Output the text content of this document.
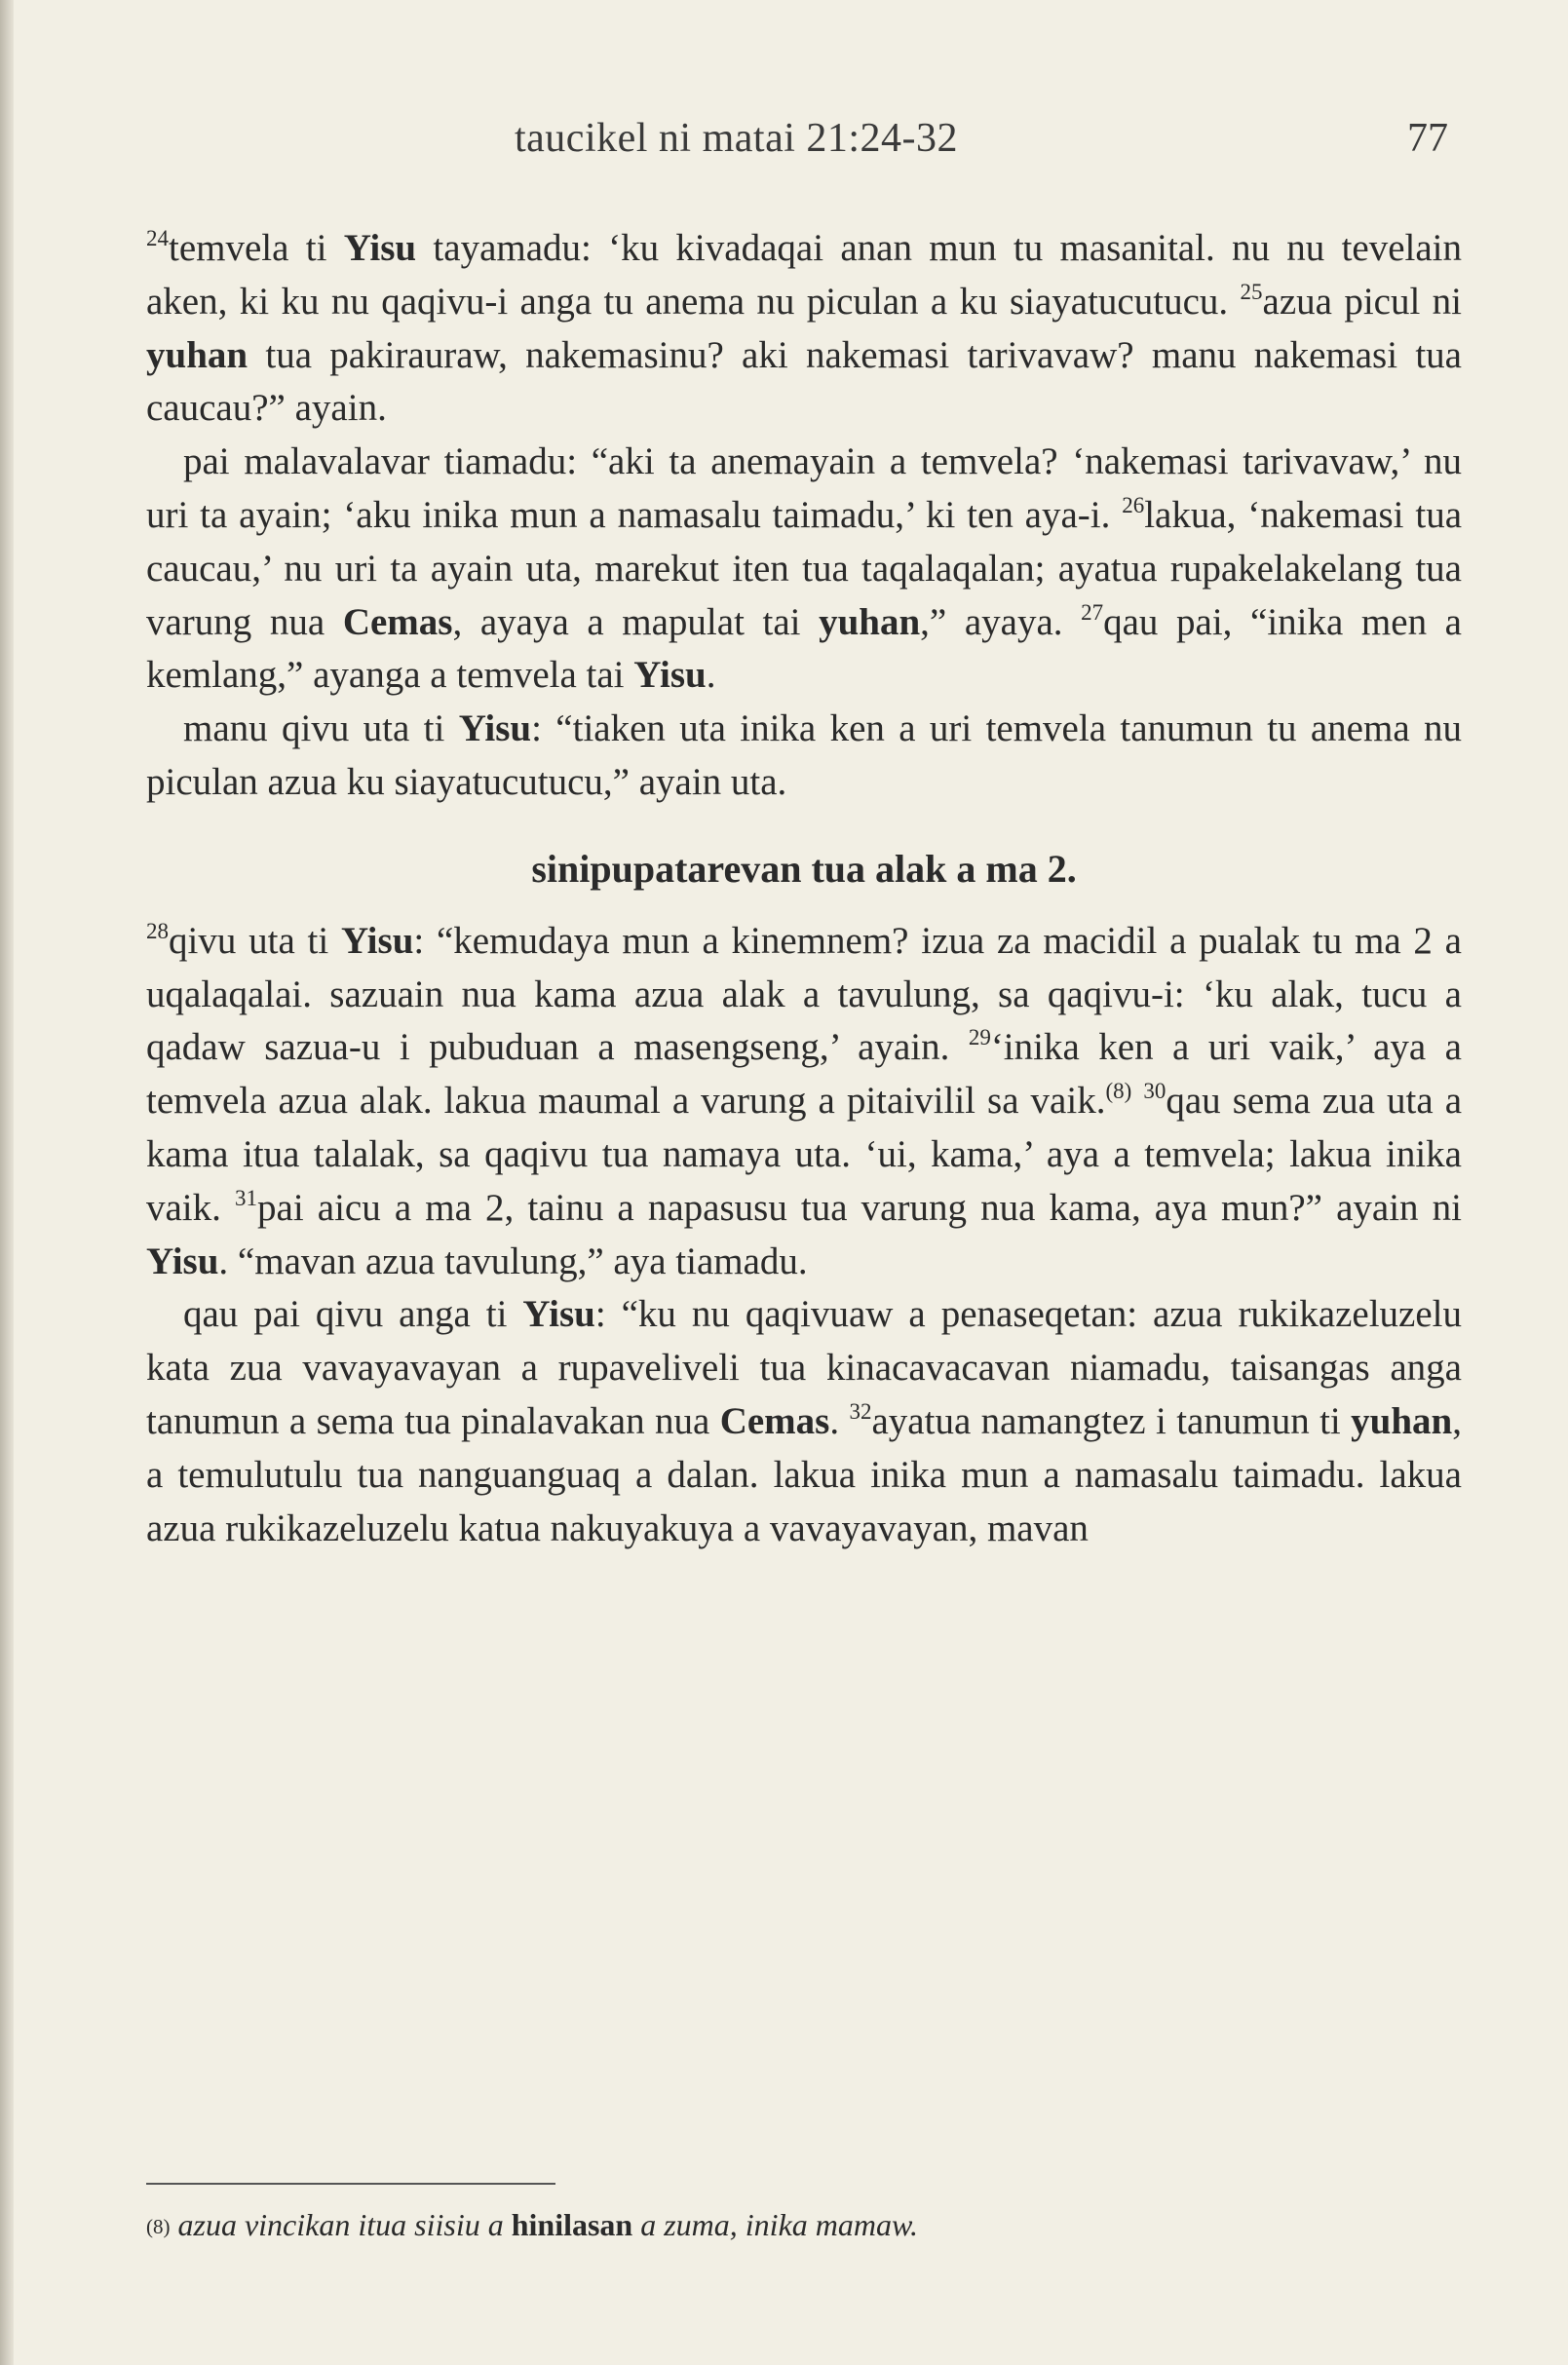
taucikel ni matai 21:24-32	77

$^{24}$temvela ti Yisu tayamadu: ‘ku kivadaqai anan mun tu masanital. nu nu tevelain aken, ki ku nu qaqivu-i anga tu anema nu piculan a ku siayatucutucu. $^{25}$azua picul ni yuhan tua pakirauraw, nakemasinu? aki nakemasi tarivavaw? manu nakemasi tua caucau?” ayain.

pai malavalavar tiamadu: “aki ta anemayain a temvela? ‘nakemasi tarivavaw,’ nu uri ta ayain; ‘aku inika mun a namasalu taimadu,’ ki ten aya-i. $^{26}$lakua, ‘nakemasi tua caucau,’ nu uri ta ayain uta, marekut iten tua taqalaqalan; ayatua rupakelakelang tua varung nua Cemas, ayaya a mapulat tai yuhan,” ayaya. $^{27}$qau pai, “inika men a kemlang,” ayanga a temvela tai Yisu.

manu qivu uta ti Yisu: “tiaken uta inika ken a uri temvela tanumun tu anema nu piculan azua ku siayatucutucu,” ayain uta.

sinipupatarevan tua alak a ma 2.

$^{28}$qivu uta ti Yisu: “kemudaya mun a kinemnem? izua za macidil a pualak tu ma 2 a uqalaqalai. sazuain nua kama azua alak a tavulung, sa qaqivu-i: ‘ku alak, tucu a qadaw sazua-u i pubuduan a masengseng,’ ayain. $^{29}$‘inika ken a uri vaik,’ aya a temvela azua alak. lakua maumal a varung a pitaivilil sa vaik.$^{(8)}$ $^{30}$qau sema zua uta a kama itua talalak, sa qaqivu tua namaya uta. ‘ui, kama,’ aya a temvela; lakua inika vaik. $^{31}$pai aicu a ma 2, tainu a napasusu tua varung nua kama, aya mun?” ayain ni Yisu. “mavan azua tavulung,” aya tiamadu.

qau pai qivu anga ti Yisu: “ku nu qaqivuaw a penaseqetan: azua rukikazeluzelu kata zua vavayavayan a rupaveliveli tua kinacavacavan niamadu, taisangas anga tanumun a sema tua pinalavakan nua Cemas. $^{32}$ayatua namangtez i tanumun ti yuhan, a temulutulu tua nanguanguaq a dalan. lakua inika mun a namasalu taimadu. lakua azua rukikazeluzelu katua nakuyakuya a vavayavayan, mavan

$^{(8)}$ azua vincikan itua siisiu a hinilasan a zuma, inika mamaw.
